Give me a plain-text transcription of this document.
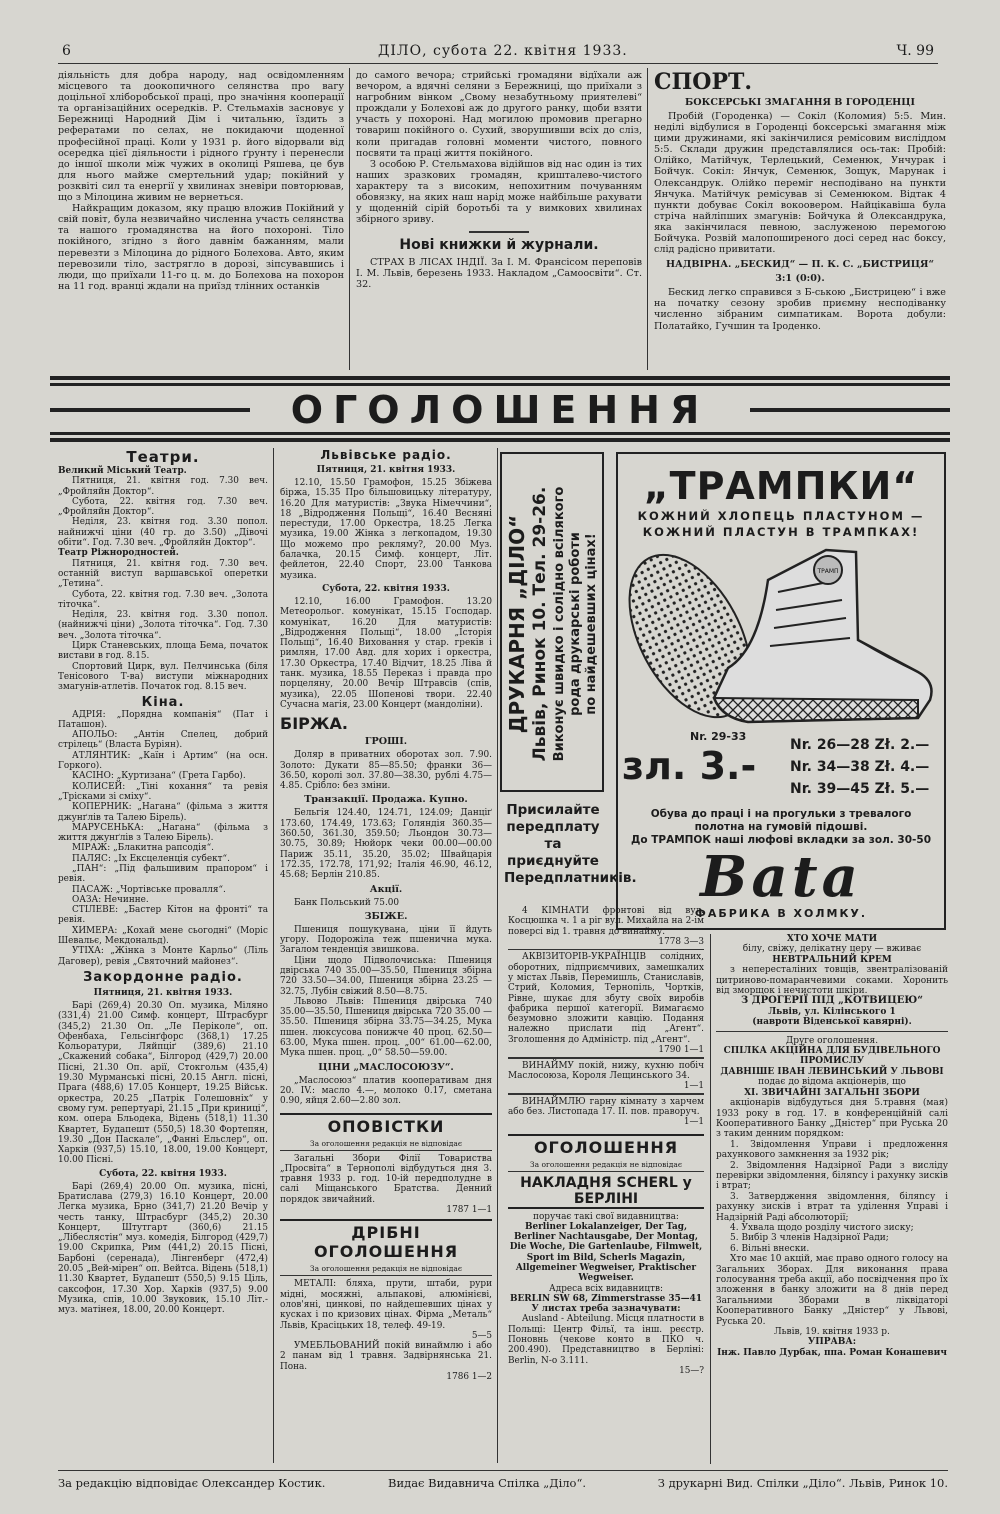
6	ДІЛО, субота 22. квітня 1933.	Ч. 99

діяльність для добра народу, над освідомленням місцевого та доокопичного селянства про вагу доцільної хліборобської праці, про значіння кооперації та організаційних осередків. Р. Стельмахів засновує у Бережниці Народний Дім і читальню, їздить з рефератами по селах, не покидаючи щоденної професійної праці. Коли у 1931 р. його відорвали від осередка цієї діяльности і рідного ґрунту і перенесли до іншої школи між чужих в околиці Ряшева, це був для нього майже смертельний удар; покійний у розквіті сил та енергії у хвилинах зневіри повторював, що з Мілоцина живим не вернеться.

Найкращим доказом, яку працю вложив Покійний у свій повіт, була незвичайно численна участь селянства та нашого громадянства на його похороні. Тіло покійного, згідно з його давнім бажанням, мали перевезти з Мілоцина до рідного Болехова. Авто, яким перевозили тіло, застрягло в дорозі, зіпсувавшись і люди, що приїхали 11-го ц. м. до Болехова на похорон на 11 год. вранці ждали на приїзд тлінних останків

до самого вечора; стрийські громадяни відїхали аж вечором, а вдячні селяни з Бережниці, що приїхали з нагробним вінком „Свому незабутньому приятелеві“ прождали у Болехові аж до другого ранку, щоби взяти участь у похороні. Над могилою промовив прегарно товариш покійного о. Сухий, зворушивши всіх до сліз, коли пригадав головні моменти чистого, повного посвяти та праці життя покійного.

З особою Р. Стельмахова відійшов від нас один із тих наших зразкових громадян, кришталево-чистого характеру та з високим, непохитним почуванням обовязку, на яких наш нарід може найбільше рахувати у щоденній сірій боротьбі та у вимкових хвилинах збірного зриву.

Нові книжки й журнали.

СТРАХ В ЛІСАХ ІНДІЇ. За І. М. Франсісом переповів І. М. Львів, березень 1933. Накладом „Самоосвіти“. Ст. 32.

СПОРТ.
БОКСЕРСЬКІ ЗМАГАННЯ В ГОРОДЕНЦІ

Пробій (Городенка) — Сокіл (Коломия) 5:5. Мин. неділі відбулися в Городенці боксерські змагання між цими дружинами, які закінчилися ремісовим висліддом 5:5. Склади дружин представлялися ось-так: Пробій: Олійко, Матійчук, Терлецький, Семенюк, Унчурак і Бойчук. Сокіл: Янчук, Семенюк, Зощук, Марунак і Олександрук. Олійко переміг несподівано на пункти Янчука. Матійчук ремісував зі Семенюком. Відтак 4 пункти добуває Сокіл вокоовером. Найцікавіша була стріча найліпших змагунів: Бойчука й Олександрука, яка закінчилася певною, заслуженою перемогою Бойчука. Розвій малопоширеного досі серед нас боксу, слід радісно привитати.

НАДВІРНА. „БЕСКИД“ — П. К. С. „БИСТРИЦЯ“
3:1 (0:0).

Бескид легко справився з Б-ською „Бистрицею“ і вже на початку сезону зробив приємну несподіванку численно зібраним симпатикам. Ворота добули: Полатайко, Гучшин та Іроденко.

ОГОЛОШЕННЯ
Театри.

Великий Міський Театр.

Пятниця, 21. квітня год. 7.30 веч. „Фройляйн Доктор“.

Субота, 22. квітня год. 7.30 веч. „Фройляйн Доктор“.

Неділя, 23. квітня год. 3.30 попол. найнижчі ціни (40 гр. до 3.50) „Дівочі обіти“. Год. 7.30 веч. „Фройляйн Доктор“.

Театр Ріжнородностей.

Пятниця, 21. квітня год. 7.30 веч. останній виступ варшавської оперетки „Тетина“.

Субота, 22. квітня год. 7.30 веч. „Золота тіточка“.

Неділя, 23. квітня год. 3.30 попол. (найнижчі ціни) „Золота тіточка“. Год. 7.30 веч. „Золота тіточка“.

Цирк Станевських, площа Бема, початок вистави в год. 8.15.

Спортовий Цирк, вул. Пелчинська (біля Тенісового Т-ва) виступи міжнародних змагунів-атлетів. Початок год. 8.15 веч.

Кіна.

АДРІЯ: „Порядна компанія“ (Пат і Паташон).

АПОЛЬО: „Антін Спелец, добрий стрілець“ (Власта Буріян).

АТЛЯНТИК: „Каїн і Артим“ (на осн. Горкого).

КАСІНО: „Куртизана“ (Грета Гарбо).

КОЛИСЕЙ: „Тіні кохання“ та ревія „Трісками зі сміху“.

КОПЕРНИК: „Нагана“ (фільма з життя джунґлів та Талею Бірель).

МАРУСЕНЬКА: „Нагана“ (фільма з життя джунґлів з Талею Бірель).

МІРАЖ: „Блакитна рапсодія“.

ПАЛЯС: „Іх Ексцеленція субект“.

„ПАН“: „Під фальшивим прапором“ і ревія.

ПАСАЖ: „Чортівське провалля“.

ОАЗА: Нечинне.

СТІЛЕВЕ: „Бастер Кітон на фронті“ та ревія.

ХИМЕРА: „Кохай мене сьогодні“ (Моріс Шевальє, Мекдональд).

УТІХА: „Жінка з Монте Карльо“ (Ліль Даговер), ревія „Святочний майонез“.

Закордонне радіо.
Пятниця, 21. квітня 1933.

Барі (269,4) 20.30 Оп. музика, Міляно (331,4) 21.00 Симф. концерт, Штрасбург (345,2) 21.30 Оп. „Ле Періколе“, оп. Офенбаха, Гельсінґфорс (368,1) 17.25 Кольоратури, Ляйпціґ (389,6) 21.10 „Скажений собака“, Білгород (429,7) 20.00 Пісні, 21.30 Оп. арії, Стокгольм (435,4) 19.30 Мурманські пісні, 20.15 Англ. пісні, Прага (488,6) 17.05 Концерт, 19.25 Військ. оркестра, 20.25 „Патрік Голешовніх“ у свому гум. репертуарі, 21.15 „При криниці“, ком. опера Бльодека, Відень (518,1) 11.30 Квартет, Будапешт (550,5) 18.30 Фортепян, 19.30 „Дон Паскале“, „Фанні Ельслер“, оп. Харків (937,5) 15.10, 18.00, 19.00 Концерт, 10.00 Пісні.

Субота, 22. квітня 1933.

Барі (269,4) 20.00 Оп. музика, пісні, Братислава (279,3) 16.10 Концерт, 20.00 Легка музика, Брно (341,7) 21.20 Вечір у честь танку, Штрасбург (345,2) 20.30 Концерт, Штутгарт (360,6) 21.15 „Лібеслястін“ муз. комедія, Білгород (429,7) 19.00 Скрипка, Рим (441,2) 20.15 Пісні, Барбоні (серенада), Лінгенберг (472,4) 20.05 „Вей-мірен“ оп. Вейтса. Відень (518,1) 11.30 Квартет, Будапешт (550,5) 9.15 Ціль, саксофон, 17.30 Хор. Харків (937,5) 9.00 Музика, спів, 10.00 Звуковик, 15.10 Літ.-муз. матінея, 18.00, 20.00 Концерт.

Львівське радіо.
Пятниця, 21. квітня 1933.

12.10, 15.50 Грамофон, 15.25 Збіжева біржа, 15.35 Про більшовицьку літературу, 16.20 Для матуристів: „Звука Німеччини“, 18 „Відродження Польщі“, 16.40 Весняні перестуди, 17.00 Оркестра, 18.25 Легка музика, 19.00 Жінка з легкопадом, 19.30 Що можемо про рекляму?, 20.00 Муз. балачка, 20.15 Симф. концерт, Літ. фейлетон, 22.40 Спорт, 23.00 Танкова музика.

Субота, 22. квітня 1933.

12.10, 16.00 Грамофон. 13.20 Метеорольог. комунікат, 15.15 Господар. комунікат, 16.20 Для матуристів: „Відродження Польщі“, 18.00 „Історія Польщі“, 16.40 Виховання у стар. греків і римлян, 17.00 Авд. для хорих і оркестра, 17.30 Оркестра, 17.40 Відчит, 18.25 Ліва й танк. музика, 18.55 Переказ і правда про порцеляну, 20.00 Вечір Штравсів (спів, музика), 22.05 Шопенові твори. 22.40 Сучасна магія, 23.00 Концерт (мандоліни).

БІРЖА.
ГРОШІ.

Доляр в приватних оборотах зол. 7.90. Золото: Дукати 85—85.50; франки 36—36.50, королі зол. 37.80—38.30, рублі 4.75—4.85. Срібло: без зміни.

Транзакції. Продажа. Купно.

Бельгія 124.40, 124.71, 124.09; Данціґ 173.60, 174.49, 173.63; Голяндія 360.35—360.50, 361.30, 359.50; Льондон 30.73—30.75, 30.89; Нюйорк чеки 00.00—00.00 Париж 35.11, 35.20, 35.02; Швайцарія 172.35, 172.78, 171,92; Італія 46.90, 46.12, 45.68; Берлін 210.85.

Акції.

Банк Польський 75.00

ЗБІЖЕ.

Пшениця пошукувана, ціни її йдуть угору. Подорожіла теж пшенична мука. Загалом тенденція звишкова.

Ціни щодо Підволочиська: Пшениця двірська 740 35.00—35.50, Пшениця збірна 720 33.50—34.00, Пшениця збірна 23.25 —32.75, Лубін свіжий 8.50—8.75.

Львово Львів: Пшениця двірська 740 35.00—35.50, Пшениця двірська 720 35.00 —35.50. Пшениця збірна 33.75—34.25, Мука пшен. люксусова понижче 40 проц. 62.50—63.00, Мука пшен. проц. „00“ 61.00—62.00, Мука пшен. проц. „0“ 58.50—59.00.

ЦІНИ „МАСЛОСОЮЗУ“.

„Маслосоюз“ платив кооперативам дня 20. IV.: масло 4.—, молоко 0.17, сметана 0.90, яйця 2.60—2.80 зол.

ОПОВІСТКИ
За оголошення редакція не відповідає

Загальні Збори Філії Товариства „Просвіта“ в Тернополі відбудуться дня 3. травня 1933 р. год. 10-ій передполудне в салі Міщанського Братства. Денний порядок звичайний.

1787 1—1

ДРІБНІ ОГОЛОШЕННЯ
За оголошення редакція не відповідає

МЕТАЛІ: бляха, прути, штаби, рури мідні, мосяжні, альпакові, алюмінієві, олов'яні, цинкові, по найдешевших цінах у кусках і по кризових цінах. Фірма „Металь“ Львів, Красіцьких 18, телеф. 49-19.

5—5

УМЕБЛЬОВАНИЙ покій винаймлю і або 2 панам від 1 травня. Задвірнянська 21. Пона.

1786 1—2

ДРУКАРНЯ „ДІЛО“ Львів, Ринок 10. Тел. 29-26. Виконує швидко і солідно всілякого рода друкарські роботи по найдешевших цінах!
Присилайте передплату та приєднуйте Передплатників.
„ТРАМПКИ“
КОЖНИЙ ХЛОПЕЦЬ ПЛАСТУНОМ —
КОЖНИЙ ПЛАСТУН В ТРАМПКАХ!
ТРАМП
Nr. 29-33
зл. 3.- Nr. 26—28 Zł. 2.—
Nr. 34—38 Zł. 4.—
Nr. 39—45 Zł. 5.—
Обува до праці і на прогульки з тревалого полотна на гумовій підошві.
До ТРАМПОК наші люфові вкладки за зол. 30-50
Bata
ФАБРИКА В ХОЛМКУ.

4 КІМНАТИ фронтові від вул. Косцюшка ч. 1 а ріг вул. Михайла на 2-ім поверсі від 1. травня до винайму.

1778 3—3

АКВІЗИТОРІВ-УКРАЇНЦІВ солідних, оборотних, підприємчивих, замешкалих у містах Львів, Перемишль, Станиславів, Стрий, Коломия, Тернопіль, Чортків, Рівне, шукає для збуту своїх виробів фабрика першої категорії. Вимагаємо безумовно зложити кавцію. Подання належно прислати під „Агент“. Зголошення до Адміністр. під „Агент“.

1790 1—1

ВИНАЙМУ покій, нижу, кухню побіч Маслосоюза, Короля Лещинського 34.

1—1

ВИНАЙМЛЮ гарну кімнату з харчем або без. Листопада 17. II. пов. праворуч.

1—1

ОГОЛОШЕННЯ
За оголошення редакція не відповідає
НАКЛАДНЯ SCHERL у БЕРЛІНІ

поручає такі свої видавництва:

Berliner Lokalanzeiger, Der Tag, Berliner Nachtausgabe, Der Montag, Die Woche, Die Gartenlaube, Filmwelt, Sport im Bild, Scherls Magazin, Allgemeiner Wegweiser, Praktischer Wegweiser.

Адреса всіх видавництв:

BERLIN SW 68, Zimmerstrasse 35—41

У листах треба зазначувати:

Ausland - Abteilung. Місця платности в Польщі: Центр Фільї, та інш. реєстр. Поновнь (чекове конто в ПКО ч. 200.490). Представництво в Берліні: Berlin, N-o 3.111.

15—?

ХТО ХОЧЕ МАТИ

білу, свіжу, делікатну церу — вживає

НЕВТРАЛЬНИЙ КРЕМ

з непересталіних товщів, звентралізованій цитриново-помаранчевими соками. Хоронить від зморщок і нечистоти шкіри.

З ДРОГЕРІЇ ПІД „КОТВИЦЕЮ“

Львів, ул. Кілінського 1

(навроти Віденської кавярні).

Друге оголошення.

СПІЛКА АКЦІЙНА ДЛЯ БУДІВЕЛЬНОГО ПРОМИСЛУ

ДАВНІШЕ ІВАН ЛЕВИНСЬКИЙ У ЛЬВОВІ

подає до відома акціонерів, що

XI. ЗВИЧАЙНІ ЗАГАЛЬНІ ЗБОРИ

акціонарів відбудуться дня 5.травня (мая) 1933 року в год. 17. в конференційній салі Кооперативного Банку „Дністер“ при Руська 20 з таким денним порядком:

1. Звідомлення Управи і предложення рахункового замкнення за 1932 рік;

2. Звідомлення Надзірної Ради з висліду перевірки звідомлення, біляncу і рахунку зисків і втрат;

3. Затвердження звідомлення, біляncу і рахунку зисків і втрат та уділення Управі і Надзірній Раді абсолюторії;

4. Ухвала щодо розділу чистого зиску;

5. Вибір 3 членів Надзірної Ради;

6. Вільні внески.

Хто має 10 акцій, має право одного голосу на Загальних Зборах. Для виконання права голосування треба акції, або посвідчення про їх зложення в банку зложити на 8 днів перед Загальними Зборами в ліквідаторі Кооперативного Банку „Дністер“ у Львові, Руська 20.

Львів, 19. квітня 1933 р.

УПРАВА:

Інж. Павло Дурбак, ппа. Роман Конашевич

За редакцію відповідає Олександер Костик.	Видає Видавнича Спілка „Діло“.	З друкарні Вид. Спілки „Діло“. Львів, Ринок 10.
